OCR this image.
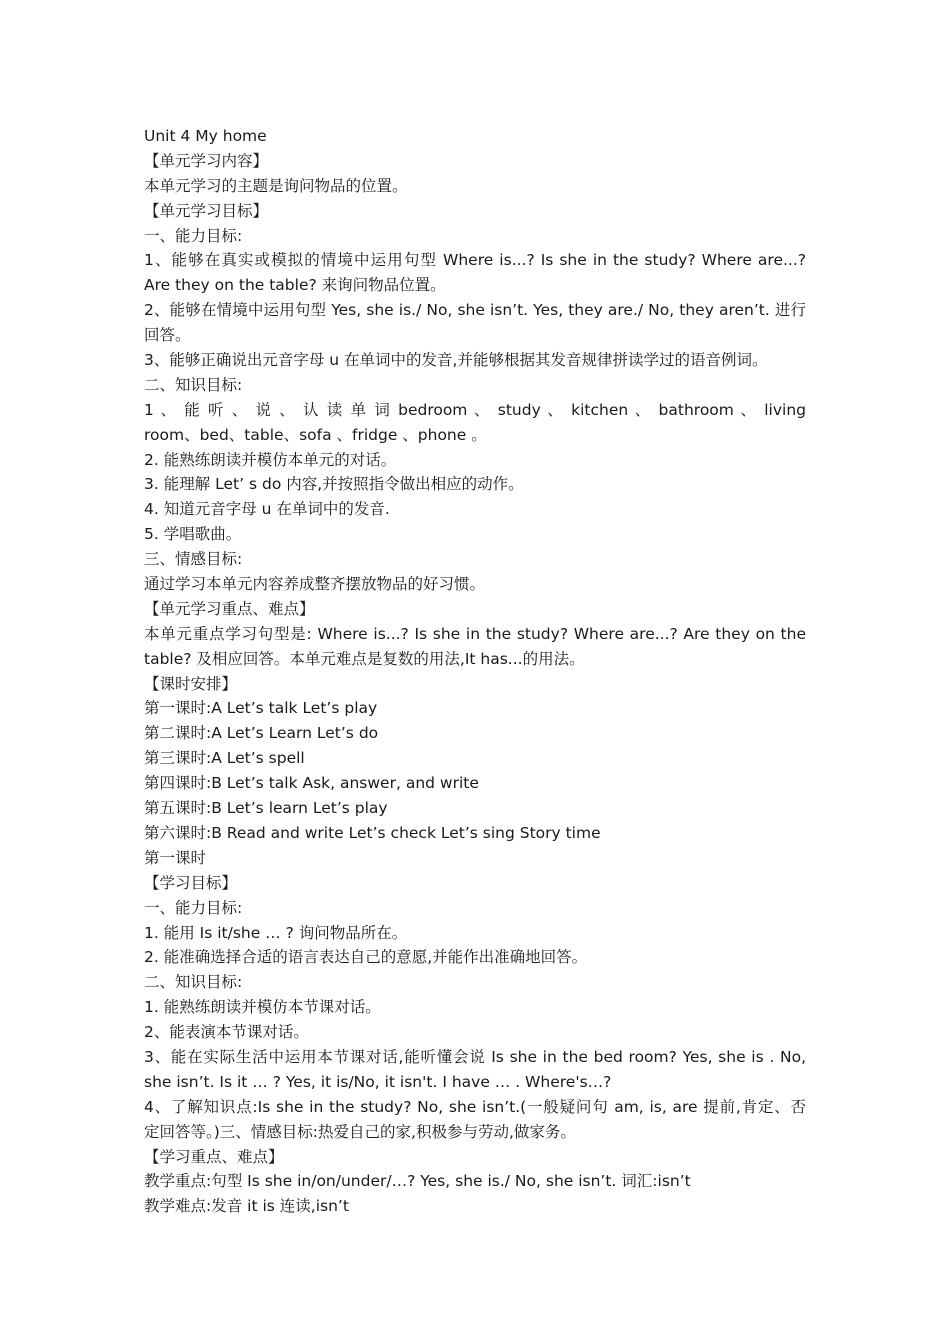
Unit 4 My home
【单元学习内容】
本单元学习的主题是询问物品的位置。
【单元学习目标】
一、能力目标:
1、能够在真实或模拟的情境中运用句型 Where is...? Is she in the study? Where are...?
Are they on the table? 来询问物品位置。
2、能够在情境中运用句型 Yes, she is./ No, she isn’t. Yes, they are./ No, they aren’t. 进行
回答。
3、能够正确说出元音字母 u 在单词中的发音,并能够根据其发音规律拼读学过的语音例词。
二、知识目标:
1 、 能 听 、 说 、 认 读 单 词 bedroom 、 study 、 kitchen 、 bathroom 、 living
room、bed、table、sofa 、fridge 、phone 。
2. 能熟练朗读并模仿本单元的对话。
3. 能理解 Let’ s do 内容,并按照指令做出相应的动作。
4. 知道元音字母 u 在单词中的发音.
5. 学唱歌曲。
三、情感目标:
通过学习本单元内容养成整齐摆放物品的好习惯。
【单元学习重点、难点】
本单元重点学习句型是: Where is...? Is she in the study? Where are...? Are they on the
table? 及相应回答。本单元难点是复数的用法,It has...的用法。
【课时安排】
第一课时:A Let’s talk Let’s play
第二课时:A Let’s Learn Let’s do
第三课时:A Let’s spell
第四课时:B Let’s talk Ask, answer, and write
第五课时:B Let’s learn Let’s play
第六课时:B Read and write Let’s check Let’s sing Story time
第一课时
【学习目标】
一、能力目标:
1. 能用 Is it/she … ? 询问物品所在。
2. 能准确选择合适的语言表达自己的意愿,并能作出准确地回答。
二、知识目标:
1. 能熟练朗读并模仿本节课对话。
2、能表演本节课对话。
3、能在实际生活中运用本节课对话,能听懂会说 Is she in the bed room? Yes, she is . No,
she isn’t. Is it … ? Yes, it is/No, it isn't. I have … . Where's…?
4、了解知识点:Is she in the study? No, she isn’t.(一般疑问句 am, is, are 提前,肯定、否
定回答等。)三、情感目标:热爱自己的家,积极参与劳动,做家务。
【学习重点、难点】
教学重点:句型 Is she in/on/under/…? Yes, she is./ No, she isn’t. 词汇:isn’t
教学难点:发音 it is 连读,isn’t
